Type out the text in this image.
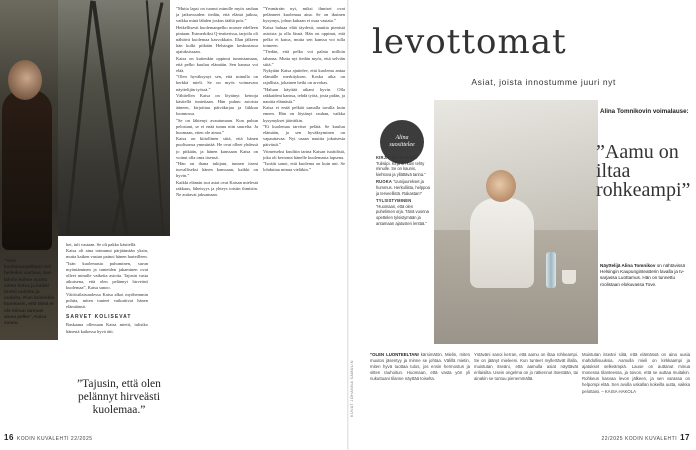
”Vain kuolemanpelkoon tuli hetkeksi vastaus, kun lähdin kolme vuotta sitten kotoa ja kaikki tuntui uudelta ja oudolta. Pian kuitenkin huomasin, että tämä ei ole minun tarinani ainoa pelko”, Kaisa sanoo.

hei, tuli vastaan. Se oli pakko käsitellä.

Kaisa oli aina toimunut pärjäämään yksin, mutta kaiken vastuu painoi hänen harteilleen.

”Isän kuolemasta puhuminen, surun myöntäminen ja tunteiden jakaminen ovat olleet minulle vaikeita asioita. Tajusin vasta aikuisena, että olen pelännyt hirveästi kuolemaa”, Kaisa sanoo.

Väitöstilaisuudessa Kaisa alkoi myöhemmin pohtia, miten tunteet vaikuttivat hänen elämäänsä.

SARVET KOLISEVAT

Raskaana ollessaan Kaisa mietti, tulisiko hänestä kaikessa hyvä äiti.

”Tajusin, että olen pelännyt hirveästi kuolemaa.”

”Mutta lapsi on tuonut minulle myös rauhan ja jatkuvuuden: tiedän, että elämä jatkuu, vaikka minä lähden joskus täältä pois.”

Hetkellisesti kuolemanpelko nousee edelleen pintaan. Esimerkiksi Q-teatterissa, tarjoilu oli nähtävä kuolemaa kasvokkain. Illan jälkeen hän kulki pitkään Helsingin keskustassa ajatuksissaan.

Kaisa on kuitenkin oppinut tunnistamaan, että pelko kuuluu elämään. Sen kanssa voi elää.

”Olen hyväksynyt sen, että minulla on herkkä mieli. Se on myös voimavara näyttelijän työssä.”

Vähitellen Kaisa on löytänyt keinoja käsitellä tunteitaan. Hän puhuu asioista ääneen, kirjoittaa päiväkirjaa ja liikkuu luonnossa.

”Se on lähtenyt avautumaan. Kun puhun pelostani, se ei enää tunnu niin suurelta. Ja huomaan, etten ole ainoa.”

Kaisa on kiitollinen siitä, että hänen puolisonsa ymmärtää. He ovat olleet yhdessä jo pitkään, ja hänen kanssaan Kaisa on voinut olla oma itsensä.

”Hän on ihana tukijani, tunnen itseni turvalliseksi hänen kanssaan, kaikki on hyvin.”

Kaikki elämän isot asiat ovat Kaisan mielestä rakkaus, läheisyys ja yhteys toisiin ihmisiin. Ne auttavat jaksamaan.

”Ymmärrän nyt, miksi ihmiset ovat pelänneet kuolemaa aina. Se on ikuinen kysymys, johon kukaan ei osaa vastata.”

Kaisa haluaa elää täydesti, nauttia pienistä asioista ja olla läsnä. Hän on oppinut, että pelko ei katoa, mutta sen kanssa voi tulla toimeen.

”Tiedän, että pelko voi palata milloin tahansa. Mutta nyt tiedän myös, että selviän siitä.”

Nykyään Kaisa ajattelee, että kuolema antaa elämälle merkityksen. Koska aika on rajallista, jokainen hetki on arvokas.

”Haluan käyttää aikani hyvin. Olla rakkaideni kanssa, tehdä työtä, josta pidän, ja nauttia elämästä.”

Kaisa ei enää pelkää samalla tavalla kuin ennen. Hän on löytänyt rauhan, vaikka kysymykset jäävätkin.

”Ei kuolemaa tarvitse pelätä. Se kuuluu elämään, ja sen hyväksyminen on vapauttavaa. Nyt osaan nauttia jokaisesta päivästä.”

Viimeiseksi kuultiin tarina Kaisan isoäidistä, joka oli kertonut hänelle kuolemasta lapsena.

”Isoäiti sanoi, että kuolema on kuin uni. Se lohduttaa minua vieläkin.”

16 KODIN KUVALEHTI 22/2025
KUVAT JOHANNA SAMULIN
levottomat
Asiat, joista innostumme juuri nyt
Alina suosittelee
KIRJA ”Siiri Enoranta: Tulisiipi. Kirja on kuin tehty minulle. Se on kaunis, kiehtova ja yllättävä tarina.”
RUOKA ”Uunijuurekset ja hummus. Herkullista, helppoa ja terveellistä. Rakastan!”
TYLSISTYMINEN ”Huomaan, että olen puhelimen orja. Tänä vuonna opettelen tylsistymään ja antamaan ajatusten lentää.”
Alina Tomnikovin voimalause:
”Aamu on iltaa rohkeampi”
Näyttelijä Alina Tomnikov on nähtävissä Helsingin Kaupunginteatterin lavalla ja tv-sarjassa Luottamus. Hän on tunnettu roolistaan elokuvassa Tove.
”OLEN LUONTEELTANI kärsimätön. Mielin, miten muutos jäsentyy ja minne se johtaa. Välillä mietin, miten hyvä tuottaa tulos, jos ensin hermostun ja sitten rauhoitun. Huomaan, että vasta yön yli nukuttuani tilanne näyttää toiselta.
Ystäväni sanoi kerran, että aamu on iltaa rohkeampi. Se on jäänyt mieleeni. Kun tunteet myllertävät illalla, muistutan itseäni, että aamulla asiat näyttävät erilaisilta. Usein ongelma on jo ratkennut itsestään, tai ainakin se tuntuu pienemmältä.
Muistutan itseäni siitä, että elämässä on aina uusia mahdollisuuksia. Aamulla mieli on kirkkaampi ja ajatukset selkeämpiä. Lause on auttanut minua monessa tilanteessa, ja toivon, että se auttaa muitakin. Rohkeus kasvaa levon jälkeen, ja sen varassa on helpompi elää. Sen avulla uskallan kokeilla uutta, vaikka pelottaisi. – KAISA HAKOLA
22/2025 KODIN KUVALEHTI 17
